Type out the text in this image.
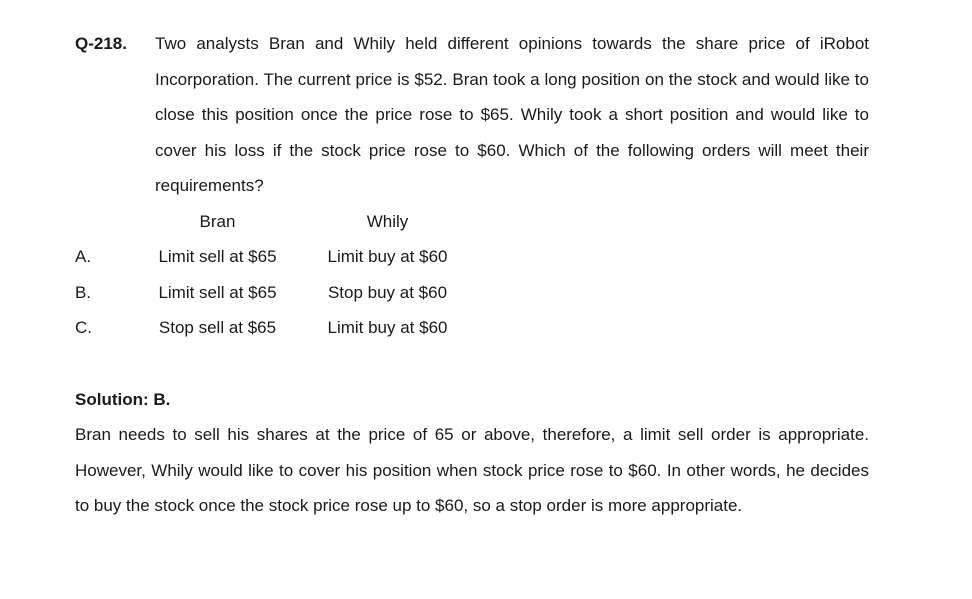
Q-218.	Two analysts Bran and Whily held different opinions towards the share price of iRobot Incorporation. The current price is $52. Bran took a long position on the stock and would like to close this position once the price rose to $65. Whily took a short position and would like to cover his loss if the stock price rose to $60. Which of the following orders will meet their requirements?
Bran	Whily
A.	Limit sell at $65	Limit buy at $60
B.	Limit sell at $65	Stop buy at $60
C.	Stop sell at $65	Limit buy at $60
Solution: B.
Bran needs to sell his shares at the price of 65 or above, therefore, a limit sell order is appropriate. However, Whily would like to cover his position when stock price rose to $60. In other words, he decides to buy the stock once the stock price rose up to $60, so a stop order is more appropriate.
